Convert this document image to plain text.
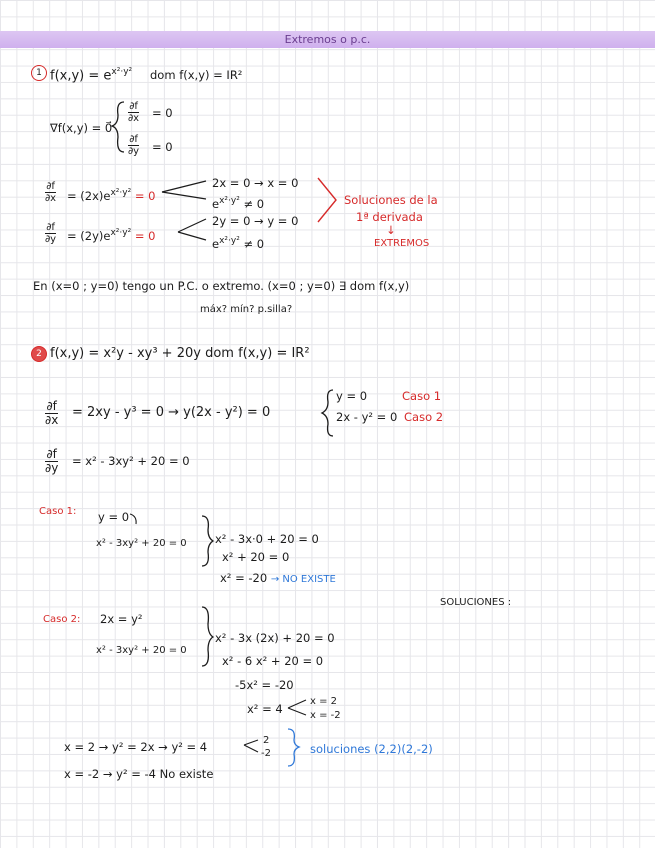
Extremos o p.c.
1 $f(x,y) = e^{x^2\cdot y^2}$ dom f(x,y) = IR²
∇f(x,y) = 0⃗
$\frac{\partial f}{\partial x} = 0$
$\frac{\partial f}{\partial y} = 0$
$\frac{\partial f}{\partial x} = (2x)e^{x^2\cdot y^2} = 0$
$\frac{\partial f}{\partial y} = (2y)e^{x^2\cdot y^2} = 0$
2x = 0 → x = 0
$e^{x^2\cdot y^2} \ne 0$
2y = 0 → y = 0
$e^{x^2\cdot y^2} \ne 0$
Soluciones de la
1ª derivada
↓
EXTREMOS
En (x=0 ; y=0) tengo un P.C. o extremo. (x=0 ; y=0) ∃ dom f(x,y)
máx? mín? p.silla?
2 f(x,y) = x²y - xy³ + 20y dom f(x,y) = IR²
$\frac{\partial f}{\partial x} = 2xy - y^3 = 0 \to y(2x - y^2) = 0$
y = 0
2x - y² = 0
Caso 1
Caso 2
$\frac{\partial f}{\partial y} = x^2 - 3xy^2 + 20 = 0$
Caso 1: y = 0
x² - 3xy² + 20 = 0 x² - 3x·0 + 20 = 0
x² + 20 = 0
x² = -20 → NO EXISTE
SOLUCIONES :
Caso 2: 2x = y²
x² - 3xy² + 20 = 0
x² - 3x (2x) + 20 = 0
x² - 6 x² + 20 = 0
-5x² = -20
x² = 4
x = 2
x = -2
x = 2 → y² = 2x → y² = 4	2
-2	soluciones (2,2)(2,-2)
x = -2 → y² = -4 No existe
